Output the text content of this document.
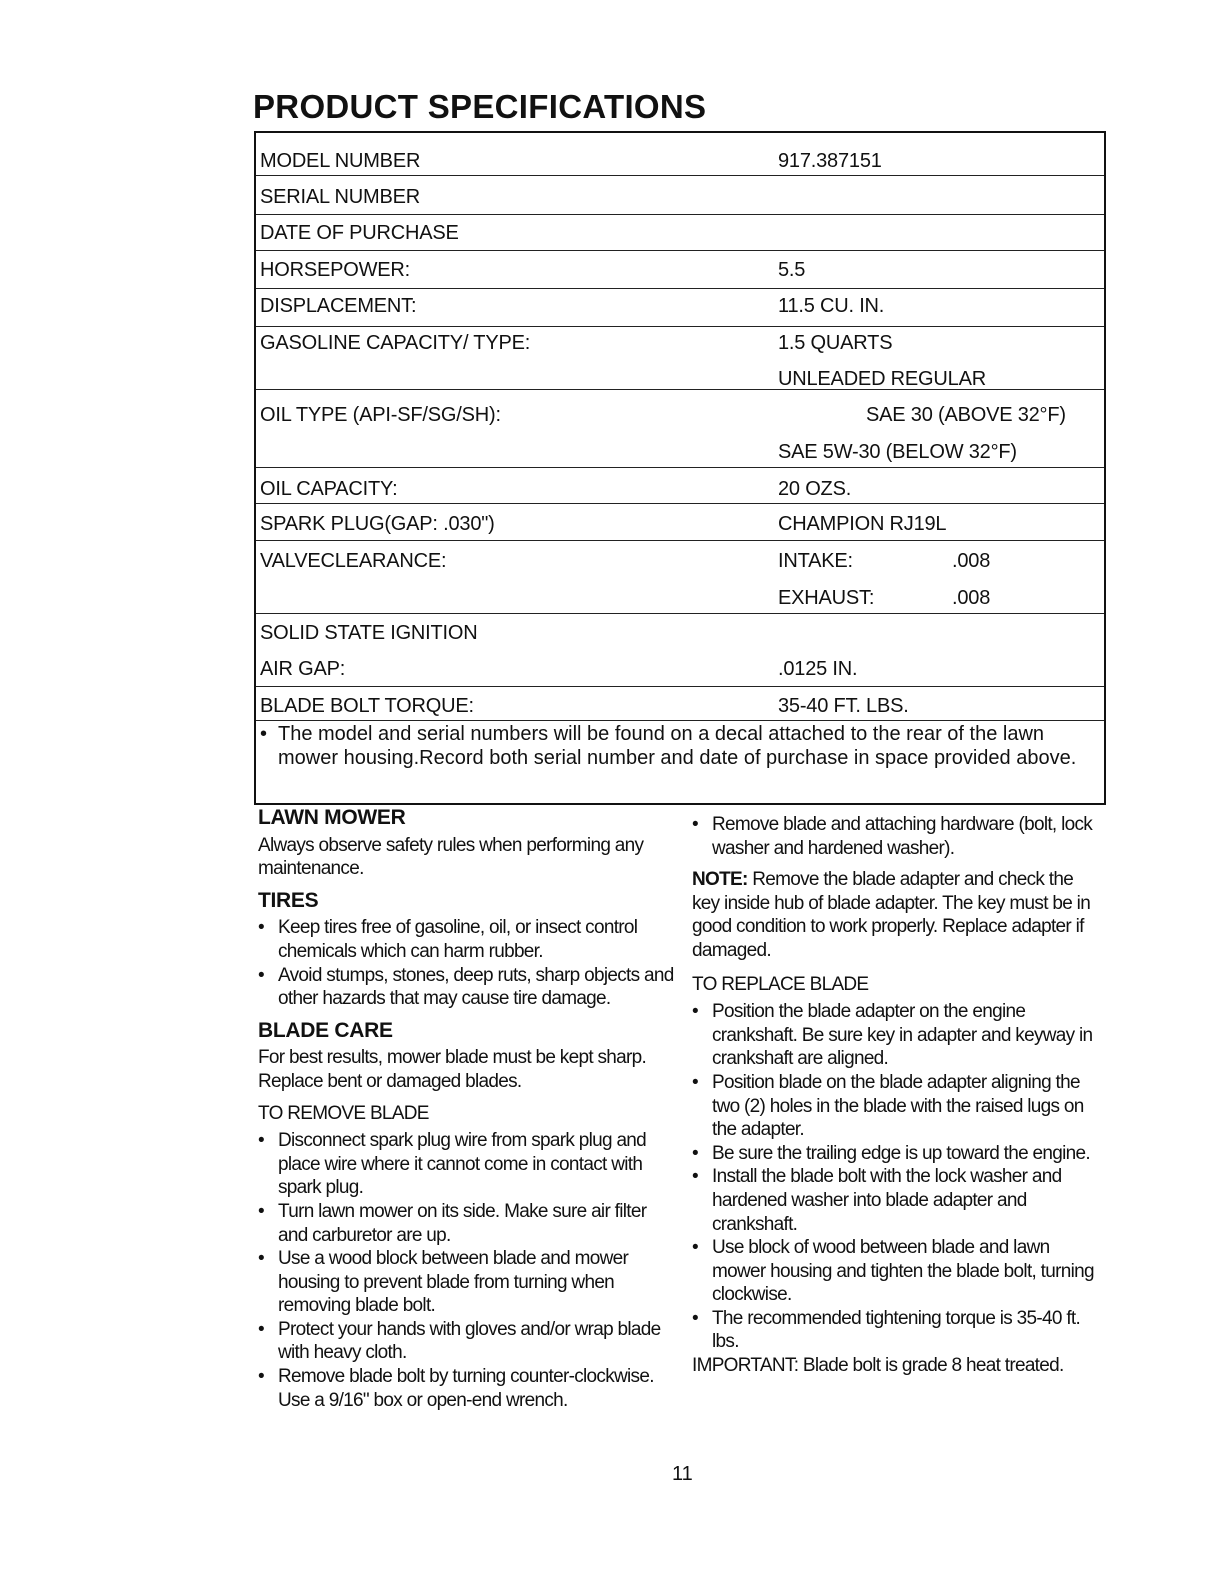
PRODUCT SPECIFICATIONS
MODEL NUMBER	917.387151
SERIAL NUMBER
DATE OF PURCHASE
HORSEPOWER:	5.5
DISPLACEMENT:	11.5 CU. IN.
GASOLINE CAPACITY/ TYPE:	1.5 QUARTS
UNLEADED REGULAR
OIL TYPE (API-SF/SG/SH):	SAE 30 (ABOVE 32°F)
SAE 5W-30 (BELOW 32°F)
OIL CAPACITY:	20 OZS.
SPARK PLUG(GAP: .030")	CHAMPION RJ19L
VALVECLEARANCE:	INTAKE:	.008
EXHAUST:	.008
SOLID STATE IGNITION
AIR GAP:	.0125 IN.
BLADE BOLT TORQUE:	35-40 FT. LBS.
• The model and serial numbers will be found on a decal attached to the rear of the lawn mower housing.Record both serial number and date of purchase in space provided above.
LAWN MOWER

Always observe safety rules when performing any maintenance.

TIRES
• Keep tires free of gasoline, oil, or insect control chemicals which can harm rubber.
• Avoid stumps, stones, deep ruts, sharp objects and other hazards that may cause tire damage.
BLADE CARE

For best results, mower blade must be kept sharp. Replace bent or damaged blades.

TO REMOVE BLADE
• Disconnect spark plug wire from spark plug and place wire where it cannot come in contact with spark plug.
• Turn lawn mower on its side. Make sure air filter and carburetor are up.
• Use a wood block between blade and mower housing to prevent blade from turning when removing blade bolt.
• Protect your hands with gloves and/or wrap blade with heavy cloth.
• Remove blade bolt by turning counter-clockwise. Use a 9/16" box or open-end wrench.
• Remove blade and attaching hardware (bolt, lock washer and hardened washer).

NOTE: Remove the blade adapter and check the key inside hub of blade adapter. The key must be in good condition to work properly. Replace adapter if damaged.

TO REPLACE BLADE
• Position the blade adapter on the engine crankshaft. Be sure key in adapter and keyway in crankshaft are aligned.
• Position blade on the blade adapter aligning the two (2) holes in the blade with the raised lugs on the adapter.
• Be sure the trailing edge is up toward the engine.
• Install the blade bolt with the lock washer and hardened washer into blade adapter and crankshaft.
• Use block of wood between blade and lawn mower housing and tighten the blade bolt, turning clockwise.
• The recommended tightening torque is 35-40 ft. lbs.

IMPORTANT: Blade bolt is grade 8 heat treated.

11
